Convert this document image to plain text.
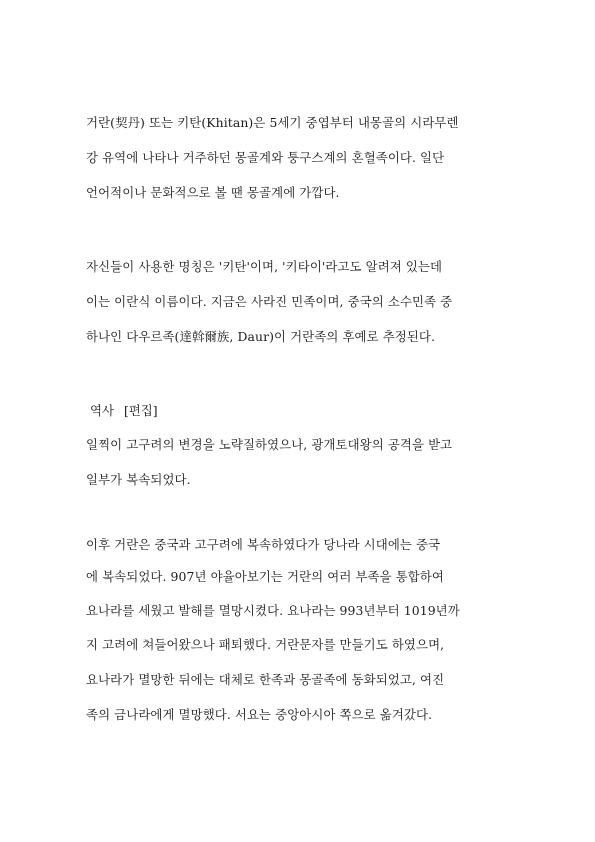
거란(契丹) 또는 키탄(Khitan)은 5세기 중엽부터 내몽골의 시라무렌
강 유역에 나타나 거주하던 몽골계와 퉁구스계의 혼혈족이다. 일단
언어적이나 문화적으로 볼 땐 몽골계에 가깝다.
자신들이 사용한 명칭은 '키탄'이며, '키타이'라고도 알려져 있는데
이는 이란식 이름이다. 지금은 사라진 민족이며, 중국의 소수민족 중
하나인 다우르족(達斡爾族, Daur)이 거란족의 후예로 추정된다.
역사 [편집]
일찍이 고구려의 변경을 노략질하였으나, 광개토대왕의 공격을 받고
일부가 복속되었다.
이후 거란은 중국과 고구려에 복속하였다가 당나라 시대에는 중국
에 복속되었다. 907년 야율아보기는 거란의 여러 부족을 통합하여
요나라를 세웠고 발해를 멸망시켰다. 요나라는 993년부터 1019년까
지 고려에 쳐들어왔으나 패퇴했다. 거란문자를 만들기도 하였으며,
요나라가 멸망한 뒤에는 대체로 한족과 몽골족에 동화되었고, 여진
족의 금나라에게 멸망했다. 서요는 중앙아시아 쪽으로 옮겨갔다.
